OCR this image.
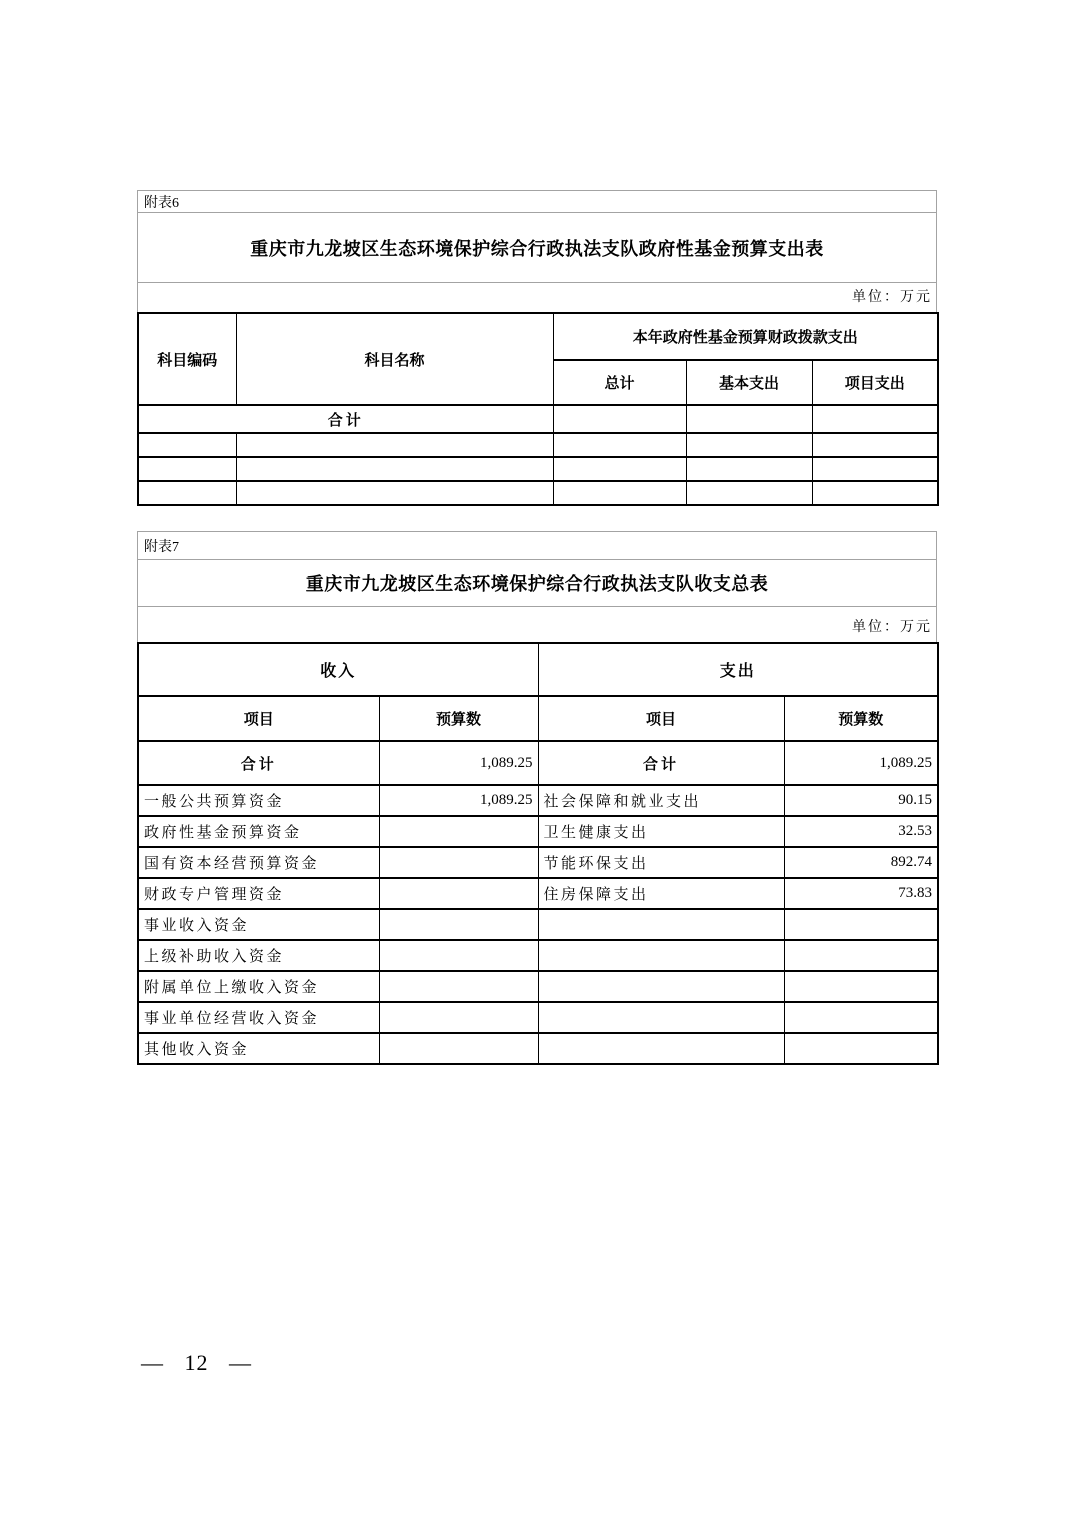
附表6
重庆市九龙坡区生态环境保护综合行政执法支队政府性基金预算支出表
单位：万元
科目编码	科目名称	本年政府性基金预算财政拨款支出		
		总计	基本支出	项目支出
合计				

附表7
重庆市九龙坡区生态环境保护综合行政执法支队收支总表
单位：万元
收入		支出	
项目	预算数	项目	预算数
合计	1,089.25	合计	1,089.25
一般公共预算资金	1,089.25	社会保障和就业支出	90.15
政府性基金预算资金		卫生健康支出	32.53
国有资本经营预算资金		节能环保支出	892.74
财政专户管理资金		住房保障支出	73.83
事业收入资金			
上级补助收入资金			
附属单位上缴收入资金			
事业单位经营收入资金			
其他收入资金			
— 12 —
